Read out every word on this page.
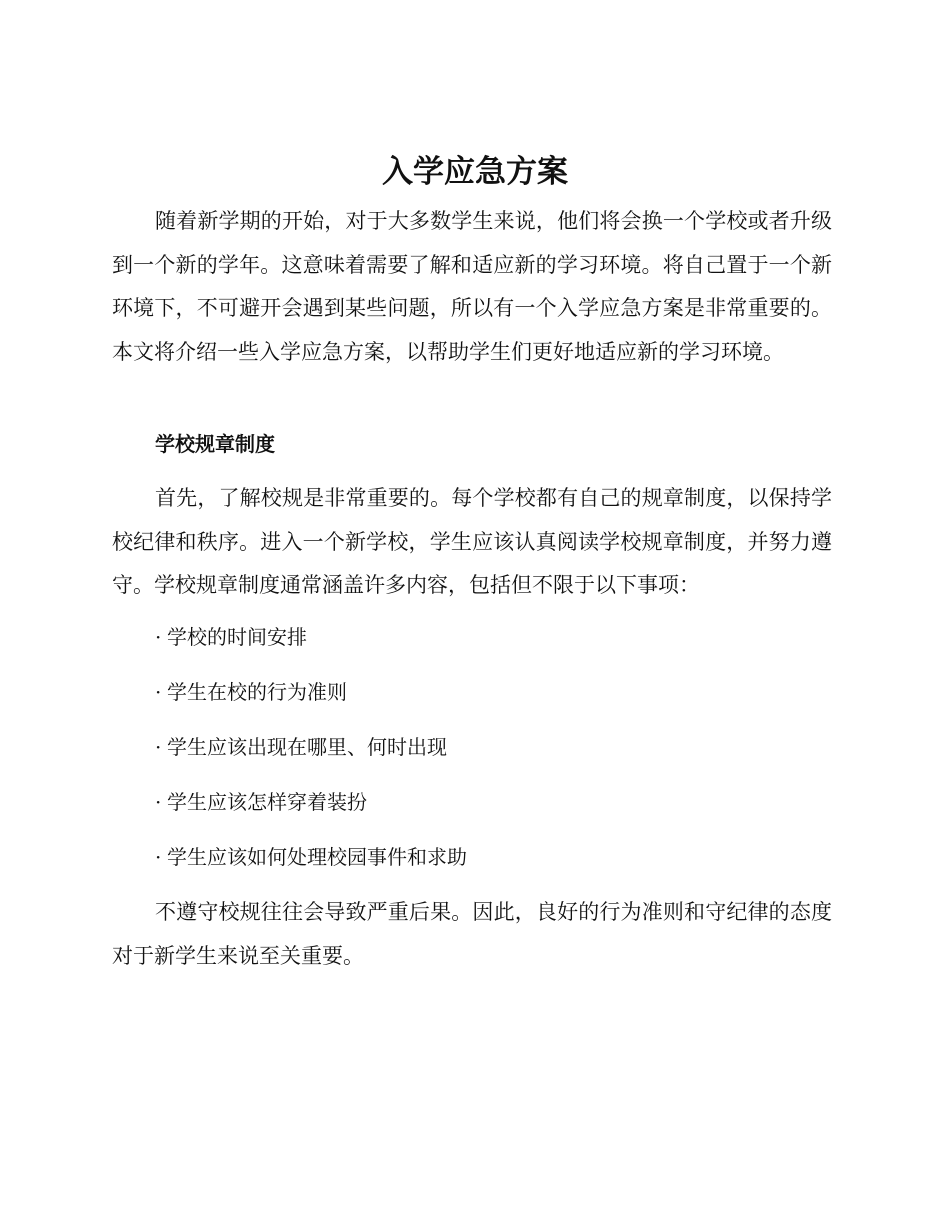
入学应急方案

随着新学期的开始，对于大多数学生来说，他们将会换一个学校或者升级到一个新的学年。这意味着需要了解和适应新的学习环境。将自己置于一个新环境下，不可避开会遇到某些问题，所以有一个入学应急方案是非常重要的。本文将介绍一些入学应急方案，以帮助学生们更好地适应新的学习环境。

学校规章制度

首先，了解校规是非常重要的。每个学校都有自己的规章制度，以保持学校纪律和秩序。进入一个新学校，学生应该认真阅读学校规章制度，并努力遵守。学校规章制度通常涵盖许多内容，包括但不限于以下事项：

· 学校的时间安排
· 学生在校的行为准则
· 学生应该出现在哪里、何时出现
· 学生应该怎样穿着装扮
· 学生应该如何处理校园事件和求助

不遵守校规往往会导致严重后果。因此，良好的行为准则和守纪律的态度对于新学生来说至关重要。
